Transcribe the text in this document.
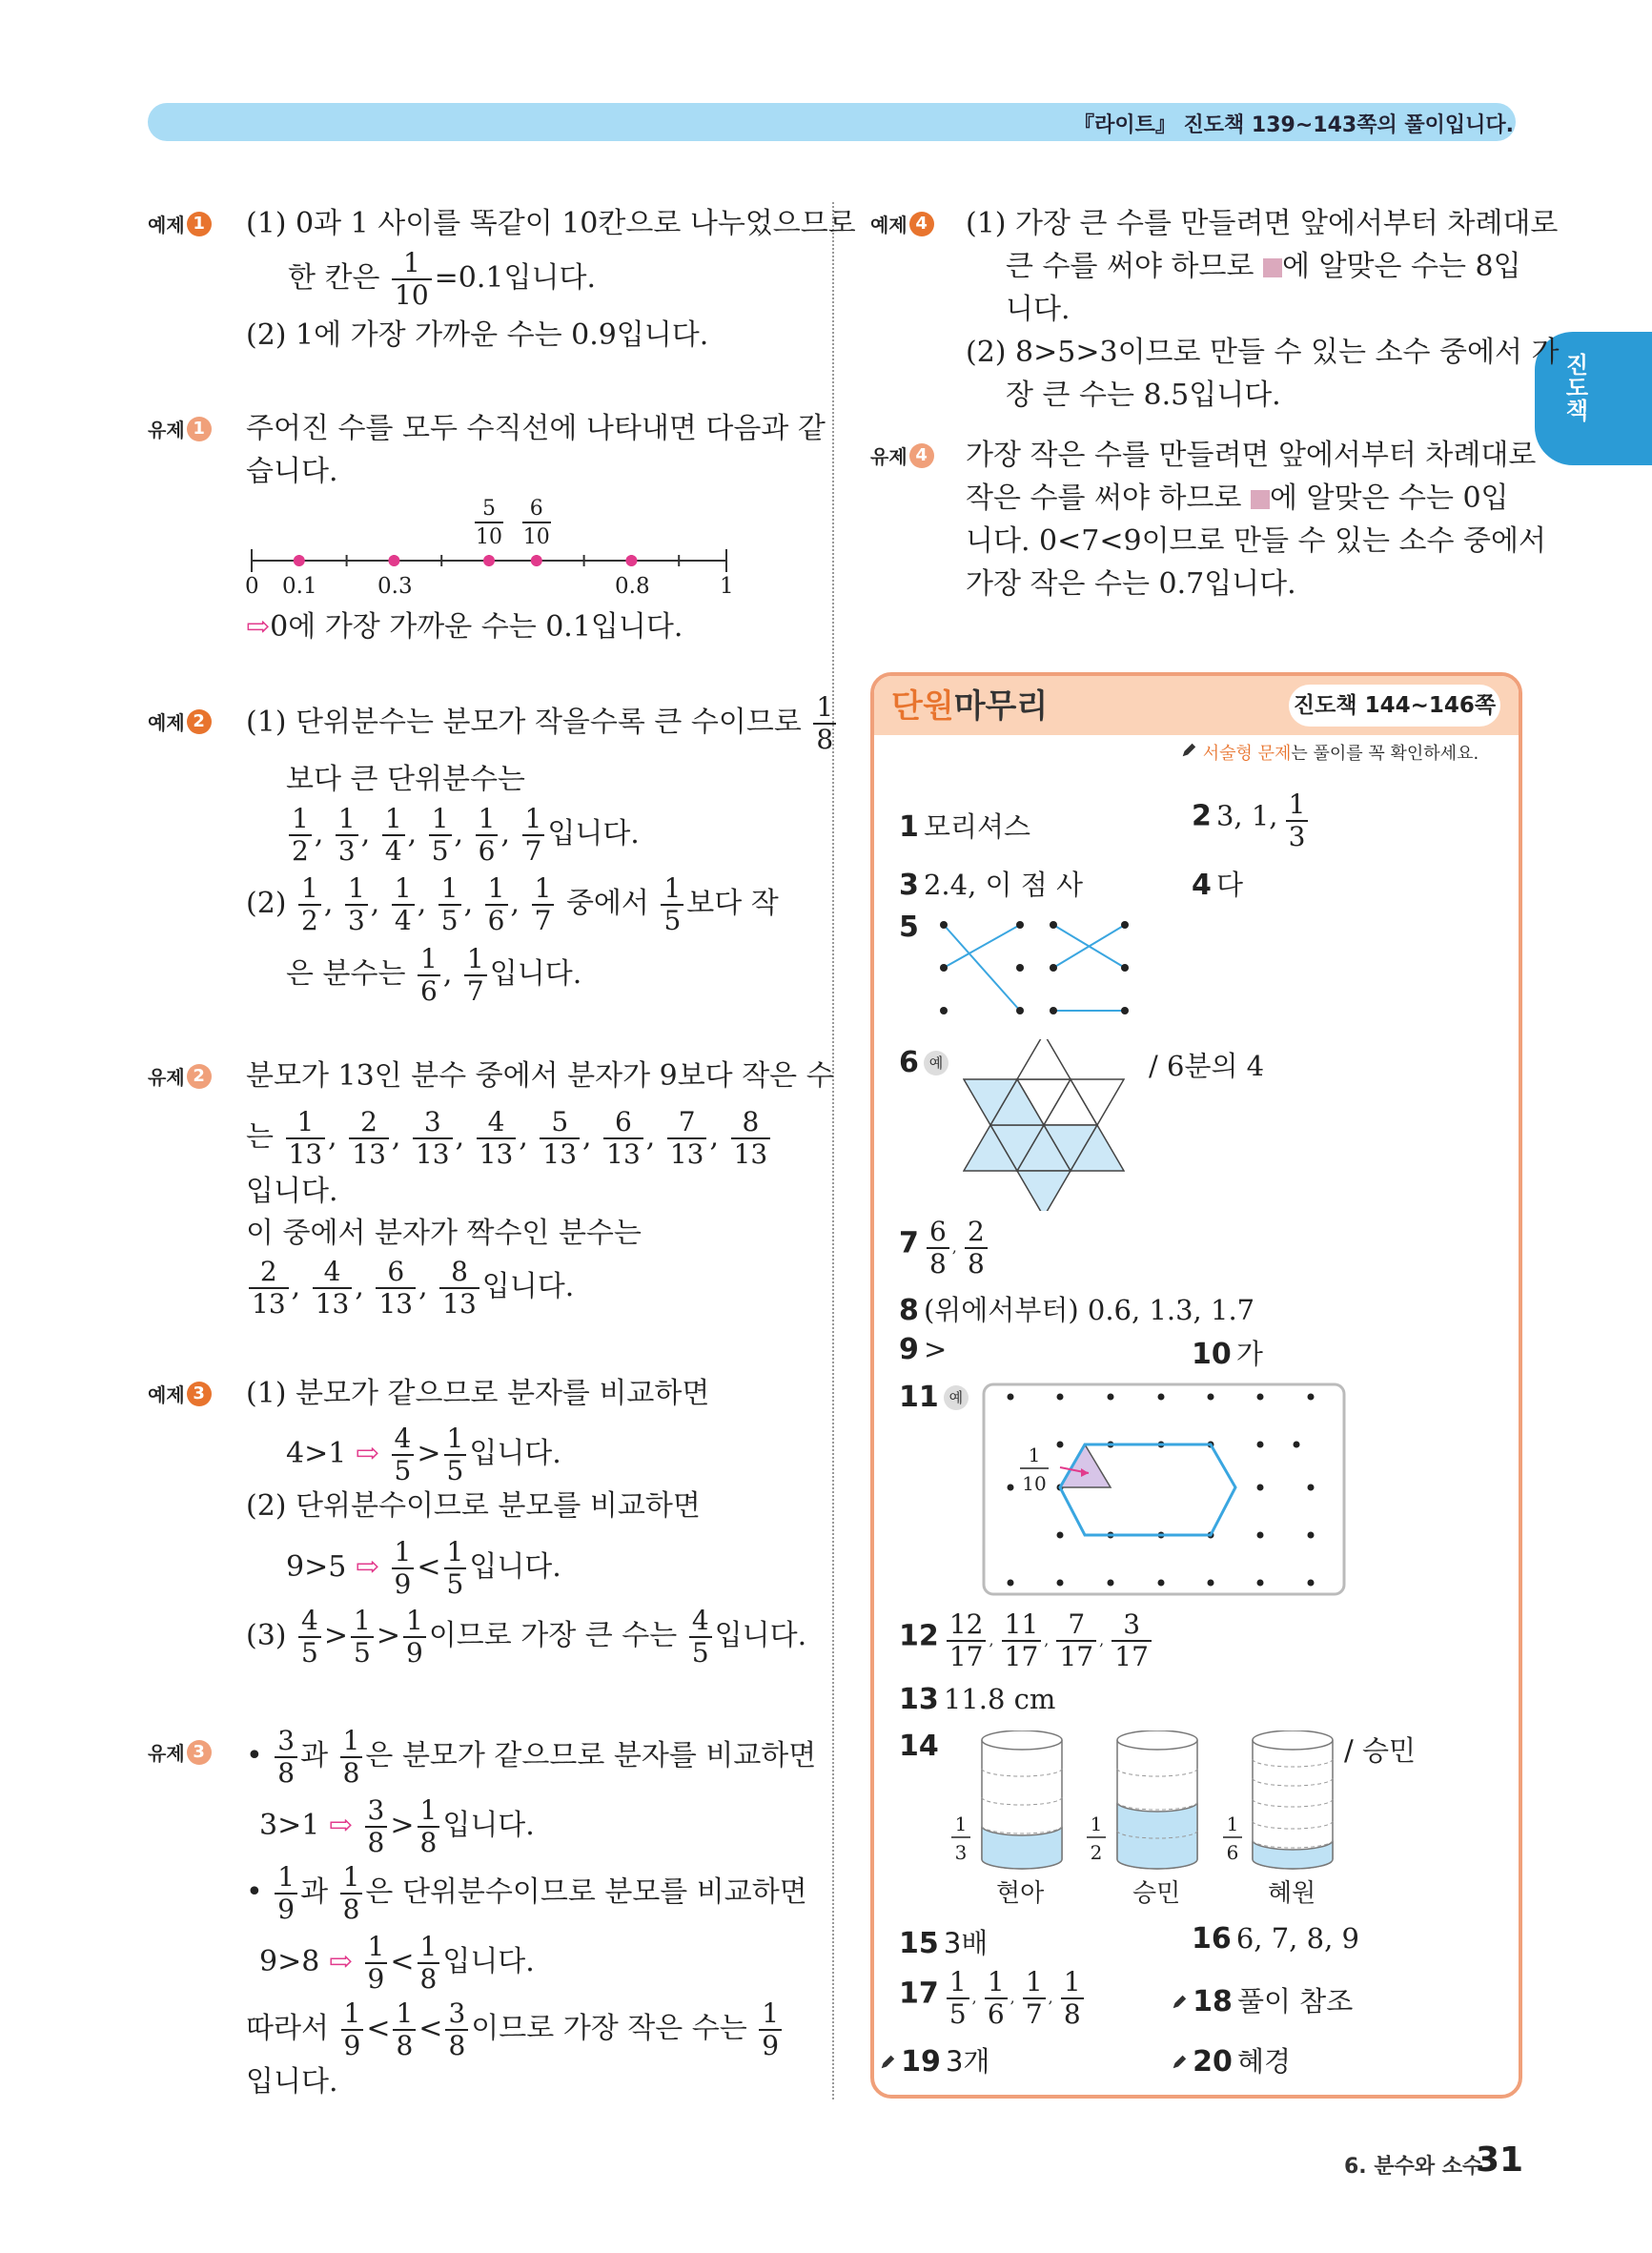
『라이트』 진도책 139~143쪽의 풀이입니다.
진도책
예제 1 (1) 0과 1 사이를 똑같이 10칸으로 나누었으므로
한 칸은 $\frac{1}{10} =0.1$입니다.
(2) 1에 가장 가까운 수는 0.9입니다.
유제 1 주어진 수를 모두 수직선에 나타내면 다음과 같
습니다.
5
10
6
10
0 0.1	0.3	0.8	1
⇨0에 가장 가까운 수는 0.1입니다.
예제 2 (1) 단위분수는 분모가 작을수록 큰 수이므로 $\frac{1}{8}$
보다 큰 단위분수는
$\frac{1}{2}$ , $\frac{1}{3}$ , $\frac{1}{4}$ , $\frac{1}{5}$ , $\frac{1}{6}$ , $\frac{1}{7}$ 입니다.
$(2) \frac{1}{2}$ , $\frac{1}{3}$ , $\frac{1}{4}$ , $\frac{1}{5}$ , $\frac{1}{6}$ , $\frac{1}{7}$ 중에서 $\frac{1}{5}$ 보다 작
은 분수는 $\frac{1}{6}$ , $\frac{1}{7}$ 입니다.
유제 2 분모가 13인 분수 중에서 분자가 9보다 작은 수
는 $\frac{1}{13}$ , $\frac{2}{13}$ , $\frac{3}{13}$ , $\frac{4}{13}$ , $\frac{5}{13}$ , $\frac{6}{13}$ , $\frac{7}{13}$ , $\frac{8}{13}$
입니다.
이 중에서 분자가 짝수인 분수는
$\frac{2}{13}$ , $\frac{4}{13}$ , $\frac{6}{13}$ , $\frac{8}{13}$ 입니다.
예제 3 (1) 분모가 같으므로 분자를 비교하면
4>1 ⇨ $\frac{4}{5} > \frac{1}{5}$ 입니다.
(2) 단위분수이므로 분모를 비교하면
9>5 ⇨ $\frac{1}{9} < \frac{1}{5}$ 입니다.
$(3) \frac{4}{5} > \frac{1}{5} > \frac{1}{9}$ 이므로 가장 큰 수는 $\frac{4}{5}$ 입니다.
유제 3 • $\frac{3}{8}$ 과 $\frac{1}{8}$ 은 분모가 같으므로 분자를 비교하면
3>1 ⇨ $\frac{3}{8} > \frac{1}{8}$ 입니다.
• $\frac{1}{9}$ 과 $\frac{1}{8}$ 은 단위분수이므로 분모를 비교하면
9>8 ⇨ $\frac{1}{9} < \frac{1}{8}$ 입니다.
따라서 $\frac{1}{9} < \frac{1}{8} < \frac{3}{8}$ 이므로 가장 작은 수는 $\frac{1}{9}$
입니다.
예제 4 (1) 가장 큰 수를 만들려면 앞에서부터 차례대로
큰 수를 써야 하므로 에 알맞은 수는 8입
니다.
(2) 8>5>3이므로 만들 수 있는 소수 중에서 가
장 큰 수는 8.5입니다.
유제 4 가장 작은 수를 만들려면 앞에서부터 차례대로
작은 수를 써야 하므로 에 알맞은 수는 0입
니다. 0<7<9이므로 만들 수 있는 소수 중에서
가장 작은 수는 0.7입니다.
단원마무리	진도책 144~146쪽
서술형 문제는 풀이를 꼭 확인하세요.
1 모리셔스	2 3, 1, $\frac{1}{3}$
3 2.4, 이 점 사	4 다
5
6 예	/ 6분의 4
$7 \frac{6}{8}$ , $\frac{2}{8}$
8 (위에서부터) 0.6, 1.3, 1.7
9 >	10 가
11 예
1
10
$12 \frac{12}{17}$ , $\frac{11}{17}$ , $\frac{7}{17}$ , $\frac{3}{17}$
13 11.8 cm
14
1
3
1
2
1
6
현아	승민	혜원
/ 승민
15 3배	16 6, 7, 8, 9
$17 \frac{1}{5}$ , $\frac{1}{6}$ , $\frac{1}{7}$ , $\frac{1}{8}$	18 풀이 참조
19 3개	20 혜경
6. 분수와 소수
31
